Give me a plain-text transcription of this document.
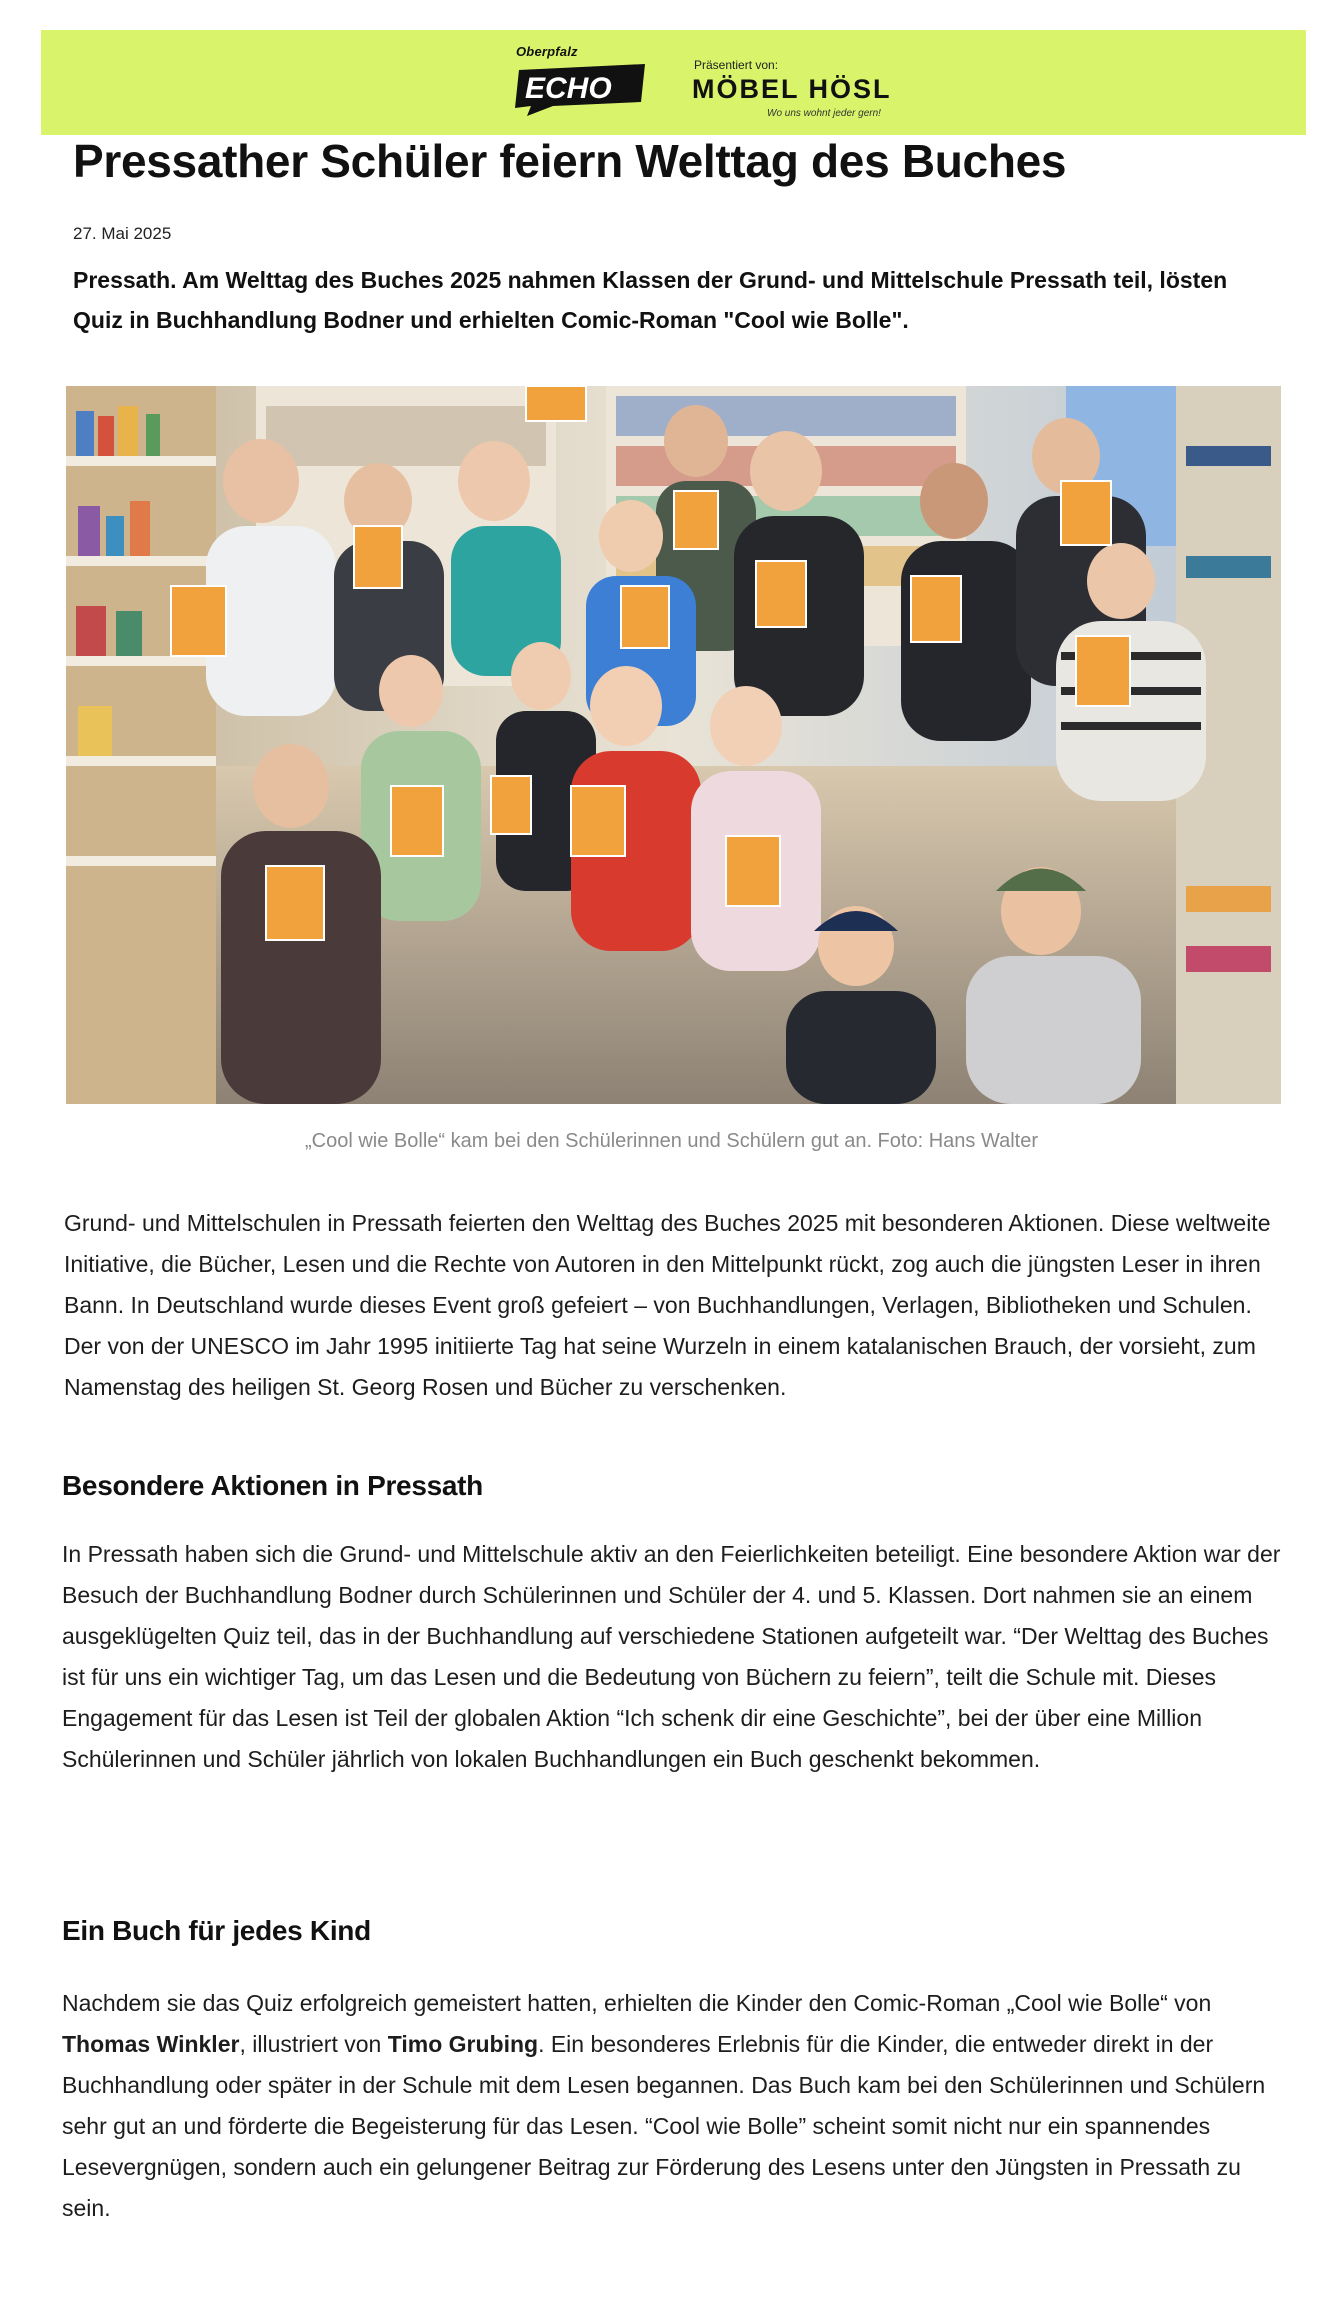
Oberpfalz
ECHO
Präsentiert von:
MÖBEL HÖSL
Wo uns wohnt jeder gern!
Pressather Schüler feiern Welttag des Buches
27. Mai 2025

Pressath. Am Welttag des Buches 2025 nahmen Klassen der Grund- und Mittelschule Pressath teil, lösten Quiz in Buchhandlung Bodner und erhielten Comic-Roman "Cool wie Bolle".

„Cool wie Bolle“ kam bei den Schülerinnen und Schülern gut an. Foto: Hans Walter

Grund- und Mittelschulen in Pressath feierten den Welttag des Buches 2025 mit besonderen Aktionen. Diese weltweite Initiative, die Bücher, Lesen und die Rechte von Autoren in den Mittelpunkt rückt, zog auch die jüngsten Leser in ihren Bann. In Deutschland wurde dieses Event groß gefeiert – von Buchhandlungen, Verlagen, Bibliotheken und Schulen. Der von der UNESCO im Jahr 1995 initiierte Tag hat seine Wurzeln in einem katalanischen Brauch, der vorsieht, zum Namenstag des heiligen St. Georg Rosen und Bücher zu verschenken.

Besondere Aktionen in Pressath

In Pressath haben sich die Grund- und Mittelschule aktiv an den Feierlichkeiten beteiligt. Eine besondere Aktion war der Besuch der Buchhandlung Bodner durch Schülerinnen und Schüler der 4. und 5. Klassen. Dort nahmen sie an einem ausgeklügelten Quiz teil, das in der Buchhandlung auf verschiedene Stationen aufgeteilt war. “Der Welttag des Buches ist für uns ein wichtiger Tag, um das Lesen und die Bedeutung von Büchern zu feiern”, teilt die Schule mit. Dieses Engagement für das Lesen ist Teil der globalen Aktion “Ich schenk dir eine Geschichte”, bei der über eine Million Schülerinnen und Schüler jährlich von lokalen Buchhandlungen ein Buch geschenkt bekommen.

Ein Buch für jedes Kind

Nachdem sie das Quiz erfolgreich gemeistert hatten, erhielten die Kinder den Comic-Roman „Cool wie Bolle“ von Thomas Winkler, illustriert von Timo Grubing. Ein besonderes Erlebnis für die Kinder, die entweder direkt in der Buchhandlung oder später in der Schule mit dem Lesen begannen. Das Buch kam bei den Schülerinnen und Schülern sehr gut an und förderte die Begeisterung für das Lesen. “Cool wie Bolle” scheint somit nicht nur ein spannendes Lesevergnügen, sondern auch ein gelungener Beitrag zur Förderung des Lesens unter den Jüngsten in Pressath zu sein.
